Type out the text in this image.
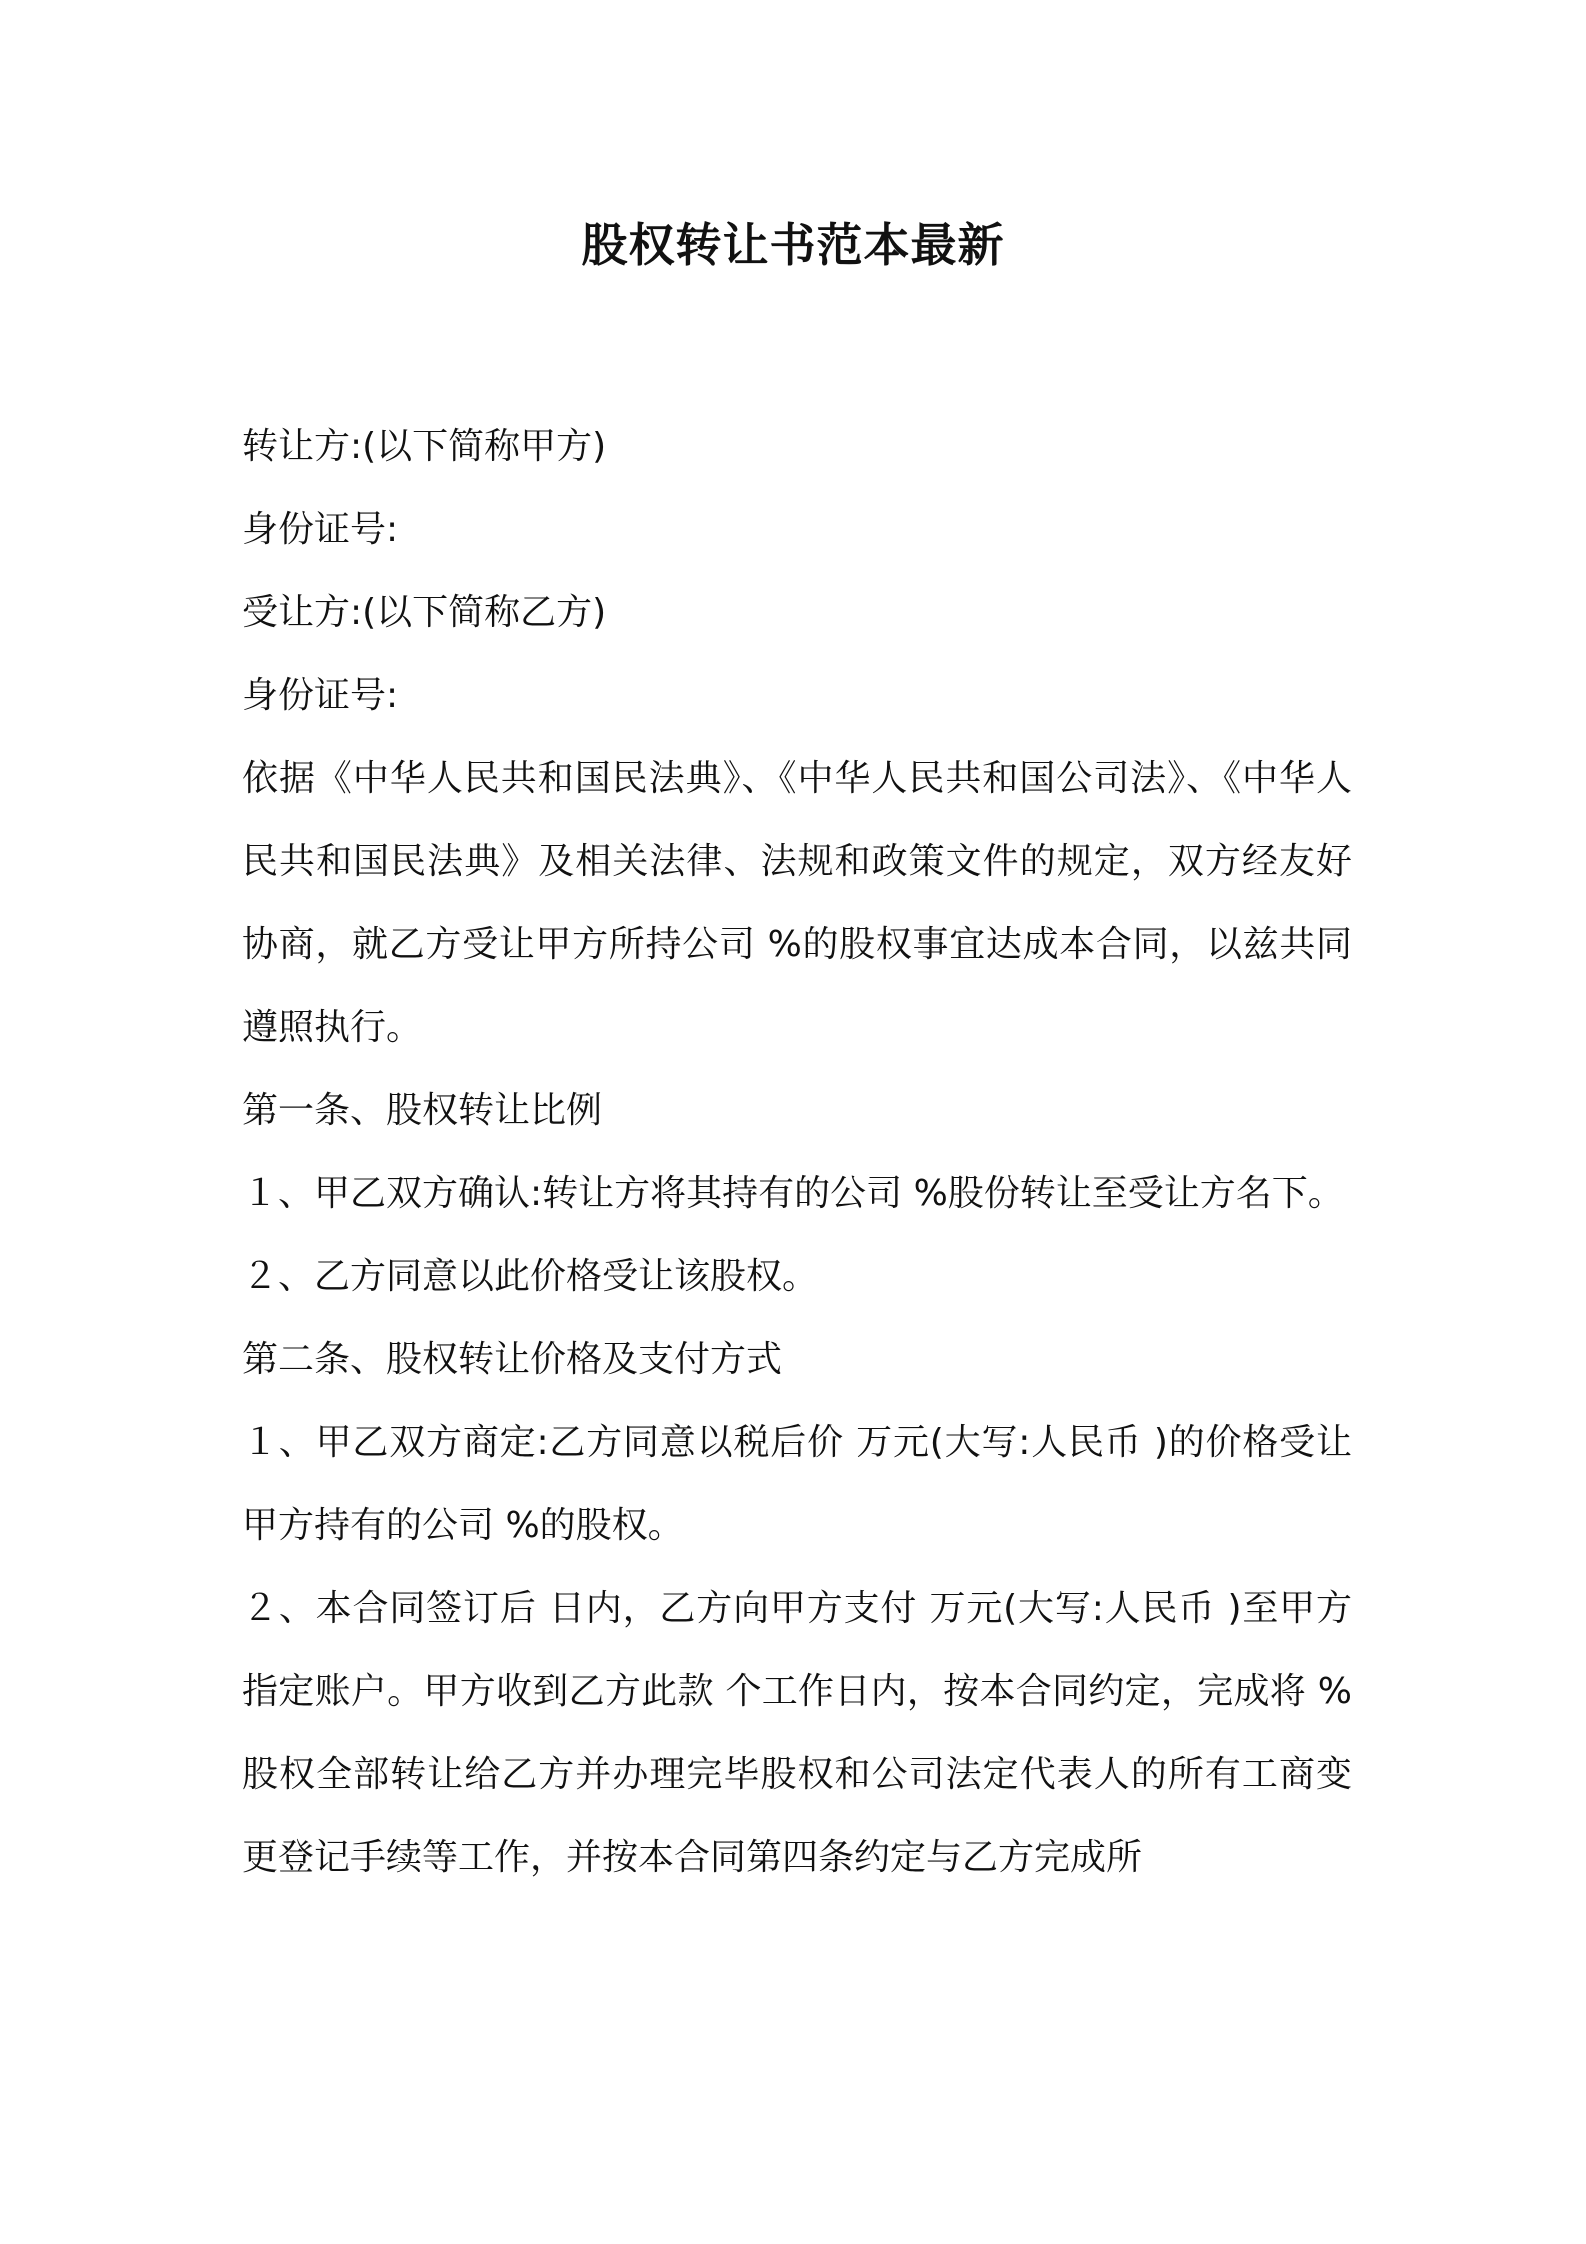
股权转让书范本最新

转让方:(以下简称甲方)

身份证号:

受让方:(以下简称乙方)

身份证号:

依据《中华人民共和国民法典》、《中华人民共和国公司法》、《中华人民共和国民法典》及相关法律、法规和政策文件的规定，双方经友好协商，就乙方受让甲方所持公司 %的股权事宜达成本合同，以兹共同遵照执行。

第一条、股权转让比例

１、甲乙双方确认:转让方将其持有的公司 %股份转让至受让方名下。

２、乙方同意以此价格受让该股权。

第二条、股权转让价格及支付方式

１、甲乙双方商定:乙方同意以税后价 万元(大写:人民币 )的价格受让甲方持有的公司 %的股权。

２、本合同签订后 日内，乙方向甲方支付 万元(大写:人民币 )至甲方指定账户。甲方收到乙方此款 个工作日内，按本合同约定，完成将 %股权全部转让给乙方并办理完毕股权和公司法定代表人的所有工商变更登记手续等工作，并按本合同第四条约定与乙方完成所
